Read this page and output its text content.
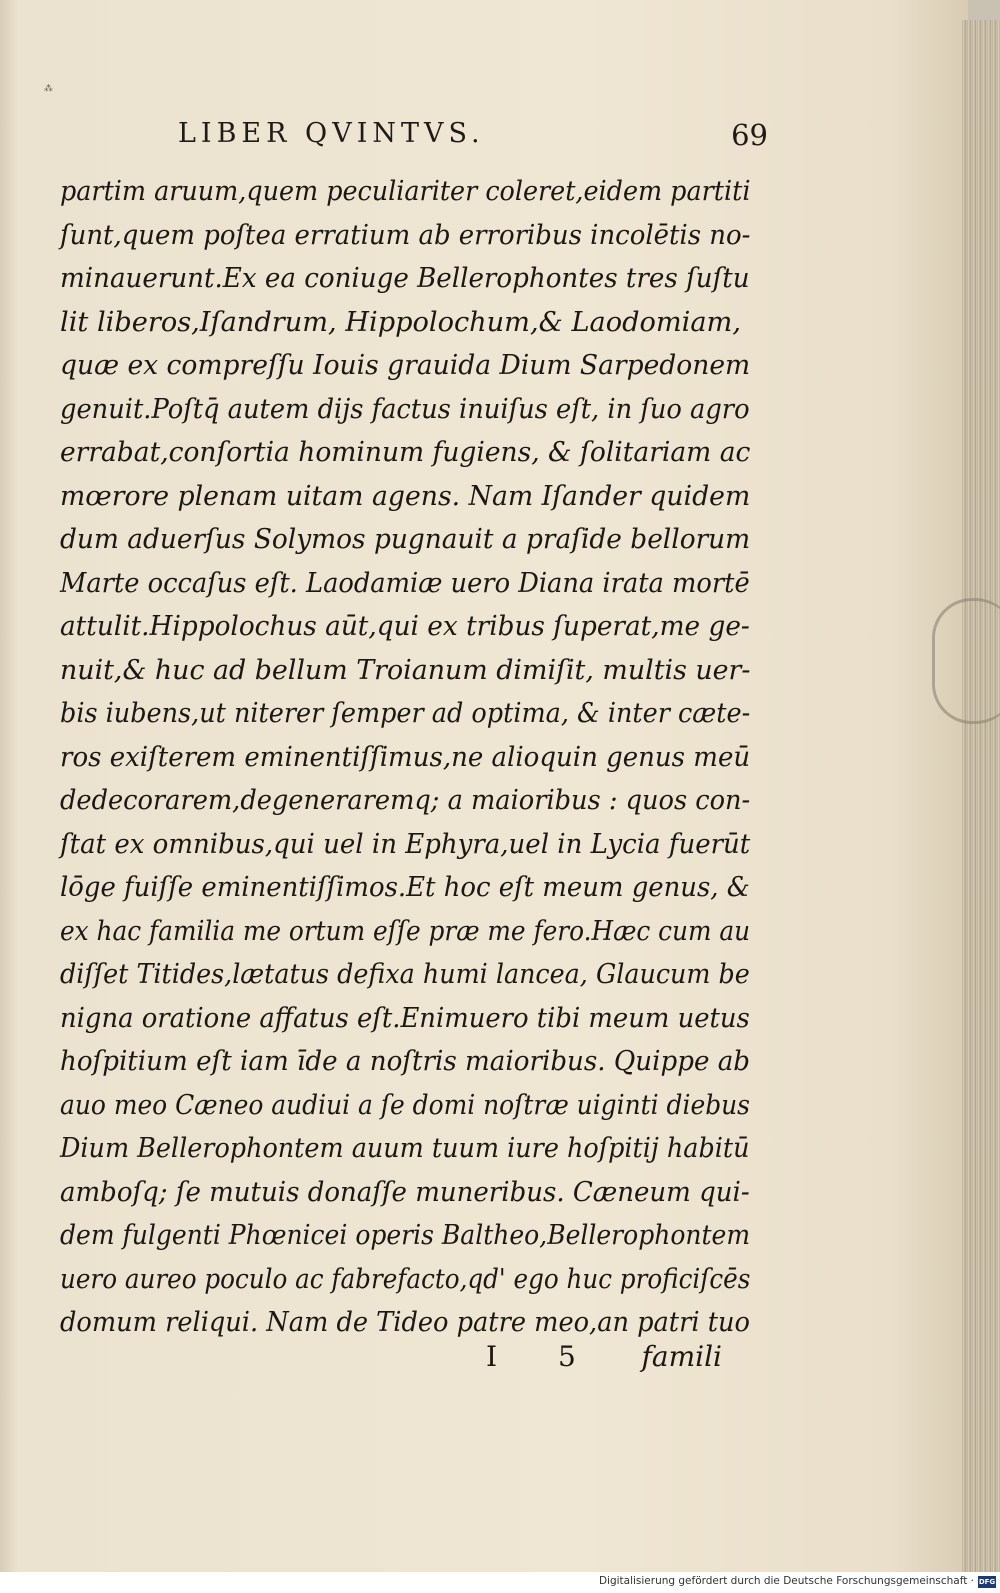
⁂
LIBER QVINTVS.	69
partim aruum,quem peculiariter coleret,eidem partiti
ſunt,quem poſtea erratium ab erroribus incolētis no-
minauerunt.Ex ea coniuge Bellerophontes tres ſuſtu
lit liberos,Iſandrum, Hippolochum,& Laodomiam,
quæ ex compreſſu Iouis grauida Dium Sarpedonem
genuit.Poſtq̄ autem dijs factus inuiſus eſt, in ſuo agro
errabat,conſortia hominum fugiens, & ſolitariam ac
mœrore plenam uitam agens. Nam Iſander quidem
dum aduerſus Solymos pugnauit a praſide bellorum
Marte occaſus eſt. Laodamiæ uero Diana irata mortē
attulit.Hippolochus aūt,qui ex tribus ſuperat,me ge-
nuit,& huc ad bellum Troianum dimiſit, multis uer-
bis iubens,ut niterer ſemper ad optima, & inter cæte-
ros exiſterem eminentiſſimus,ne alioquin genus meū
dedecorarem,degeneraremq; a maioribus : quos con-
ſtat ex omnibus,qui uel in Ephyra,uel in Lycia fuerūt
lōge fuiſſe eminentiſſimos.Et hoc eſt meum genus, &
ex hac familia me ortum eſſe præ me fero.Hæc cum au
diſſet Titides,lætatus defixa humi lancea, Glaucum be
nigna oratione affatus eſt.Enimuero tibi meum uetus
hoſpitium eſt iam īde a noſtris maioribus. Quippe ab
auo meo Cæneo audiui a ſe domi noſtræ uiginti diebus
Dium Bellerophontem auum tuum iure hoſpitij habitū
amboſq; ſe mutuis donaſſe muneribus. Cæneum qui-
dem fulgenti Phœnicei operis Baltheo,Bellerophontem
uero aureo poculo ac fabrefacto,qd' ego huc proficiſcēs
domum reliqui. Nam de Tideo patre meo,an patri tuo
I 5 famili
Digitalisierung gefördert durch die Deutsche Forschungsgemeinschaft · DFG
